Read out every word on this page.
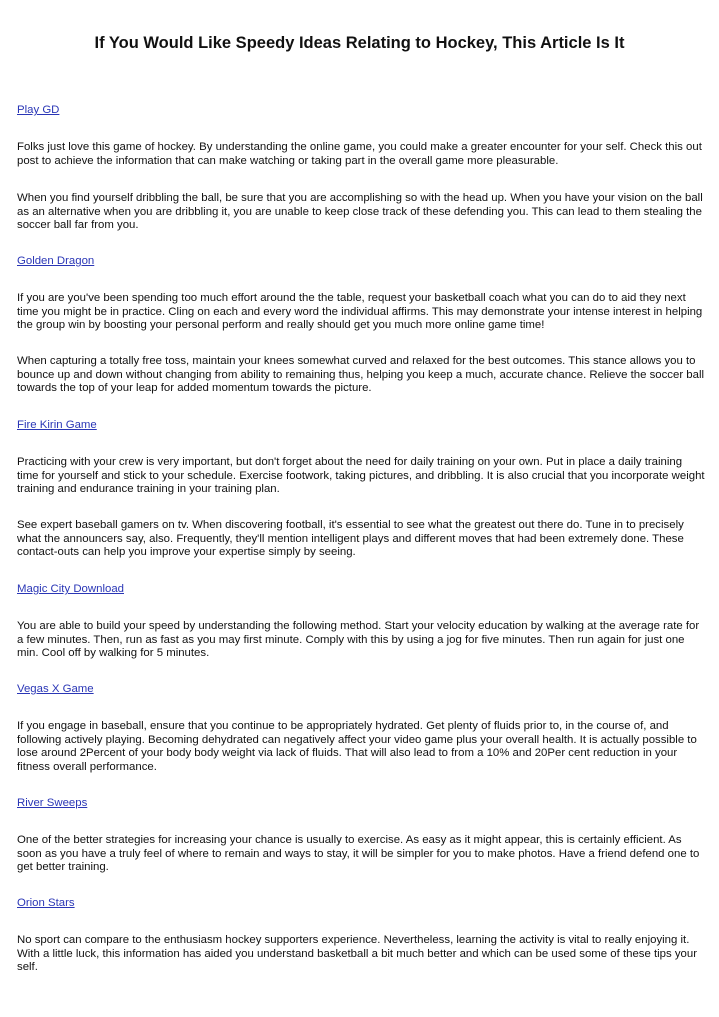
If You Would Like Speedy Ideas Relating to Hockey, This Article Is It
Play GD

Folks just love this game of hockey. By understanding the online game, you could make a greater encounter for your self. Check this out post to achieve the information that can make watching or taking part in the overall game more pleasurable.

When you find yourself dribbling the ball, be sure that you are accomplishing so with the head up. When you have your vision on the ball as an alternative when you are dribbling it, you are unable to keep close track of these defending you. This can lead to them stealing the soccer ball far from you.

Golden Dragon

If you are you've been spending too much effort around the the table, request your basketball coach what you can do to aid they next time you might be in practice. Cling on each and every word the individual affirms. This may demonstrate your intense interest in helping the group win by boosting your personal perform and really should get you much more online game time!

When capturing a totally free toss, maintain your knees somewhat curved and relaxed for the best outcomes. This stance allows you to bounce up and down without changing from ability to remaining thus, helping you keep a much, accurate chance. Relieve the soccer ball towards the top of your leap for added momentum towards the picture.

Fire Kirin Game

Practicing with your crew is very important, but don't forget about the need for daily training on your own. Put in place a daily training time for yourself and stick to your schedule. Exercise footwork, taking pictures, and dribbling. It is also crucial that you incorporate weight training and endurance training in your training plan.

See expert baseball gamers on tv. When discovering football, it's essential to see what the greatest out there do. Tune in to precisely what the announcers say, also. Frequently, they'll mention intelligent plays and different moves that had been extremely done. These contact-outs can help you improve your expertise simply by seeing.

Magic City Download

You are able to build your speed by understanding the following method. Start your velocity education by walking at the average rate for a few minutes. Then, run as fast as you may first minute. Comply with this by using a jog for five minutes. Then run again for just one min. Cool off by walking for 5 minutes.

Vegas X Game

If you engage in baseball, ensure that you continue to be appropriately hydrated. Get plenty of fluids prior to, in the course of, and following actively playing. Becoming dehydrated can negatively affect your video game plus your overall health. It is actually possible to lose around 2Percent of your body body weight via lack of fluids. That will also lead to from a 10% and 20Per cent reduction in your fitness overall performance.

River Sweeps

One of the better strategies for increasing your chance is usually to exercise. As easy as it might appear, this is certainly efficient. As soon as you have a truly feel of where to remain and ways to stay, it will be simpler for you to make photos. Have a friend defend one to get better training.

Orion Stars

No sport can compare to the enthusiasm hockey supporters experience. Nevertheless, learning the activity is vital to really enjoying it. With a little luck, this information has aided you understand basketball a bit much better and which can be used some of these tips your self.
